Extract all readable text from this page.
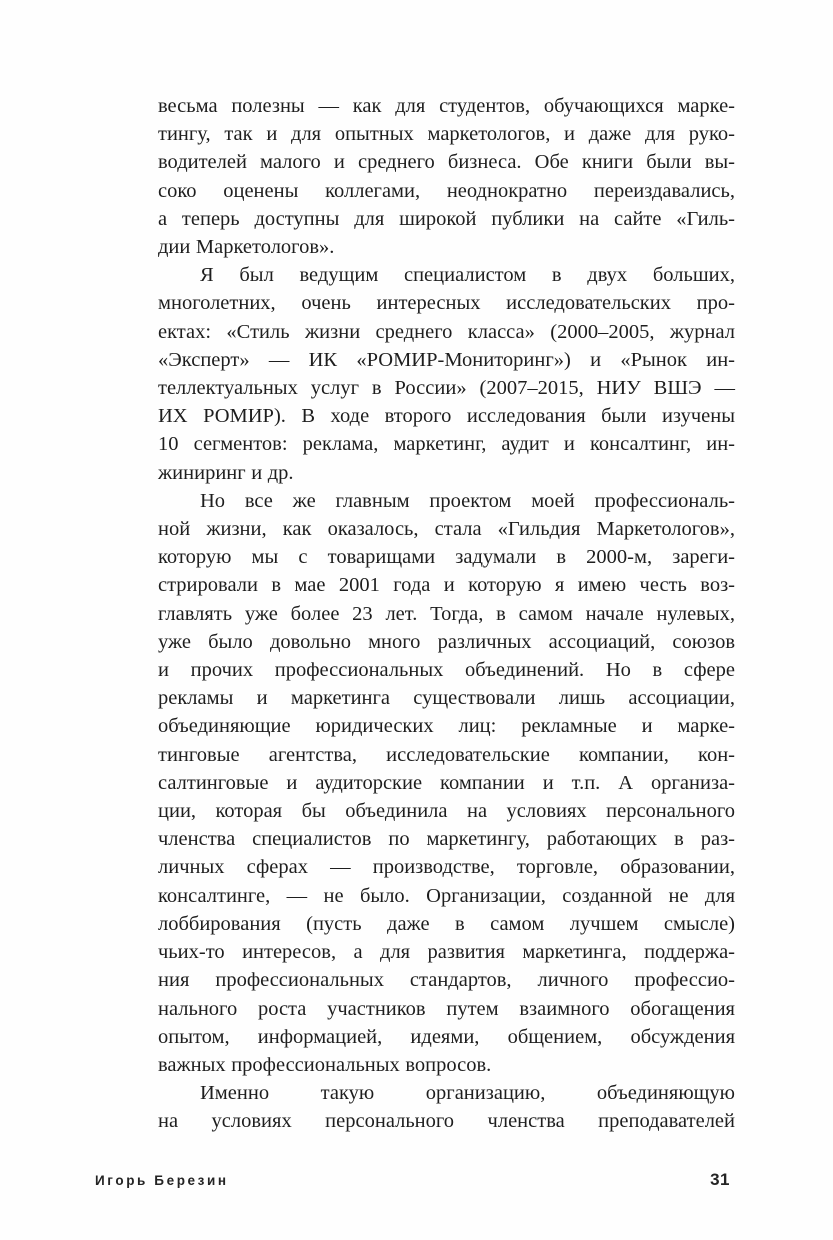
весьма полезны — как для студентов, обучающихся марке-
тингу, так и для опытных маркетологов, и даже для руко-
водителей малого и среднего бизнеса. Обе книги были вы-
соко оценены коллегами, неоднократно переиздавались,
а теперь доступны для широкой публики на сайте «Гиль-
дии Маркетологов».
Я был ведущим специалистом в двух больших,
многолетних, очень интересных исследовательских про-
ектах: «Стиль жизни среднего класса» (2000–2005, журнал
«Эксперт» — ИК «РОМИР-Мониторинг») и «Рынок ин-
теллектуальных услуг в России» (2007–2015, НИУ ВШЭ —
ИХ РОМИР). В ходе второго исследования были изучены
10 сегментов: реклама, маркетинг, аудит и консалтинг, ин-
жиниринг и др.
Но все же главным проектом моей профессиональ-
ной жизни, как оказалось, стала «Гильдия Маркетологов»,
которую мы с товарищами задумали в 2000-м, зареги-
стрировали в мае 2001 года и которую я имею честь воз-
главлять уже более 23 лет. Тогда, в самом начале нулевых,
уже было довольно много различных ассоциаций, союзов
и прочих профессиональных объединений. Но в сфере
рекламы и маркетинга существовали лишь ассоциации,
объединяющие юридических лиц: рекламные и марке-
тинговые агентства, исследовательские компании, кон-
салтинговые и аудиторские компании и т.п. А организа-
ции, которая бы объединила на условиях персонального
членства специалистов по маркетингу, работающих в раз-
личных сферах — производстве, торговле, образовании,
консалтинге, — не было. Организации, созданной не для
лоббирования (пусть даже в самом лучшем смысле)
чьих-то интересов, а для развития маркетинга, поддержа-
ния профессиональных стандартов, личного профессио-
нального роста участников путем взаимного обогащения
опытом, информацией, идеями, общением, обсуждения
важных профессиональных вопросов.
Именно такую организацию, объединяющую
на условиях персонального членства преподавателей
Игорь Березин	31
